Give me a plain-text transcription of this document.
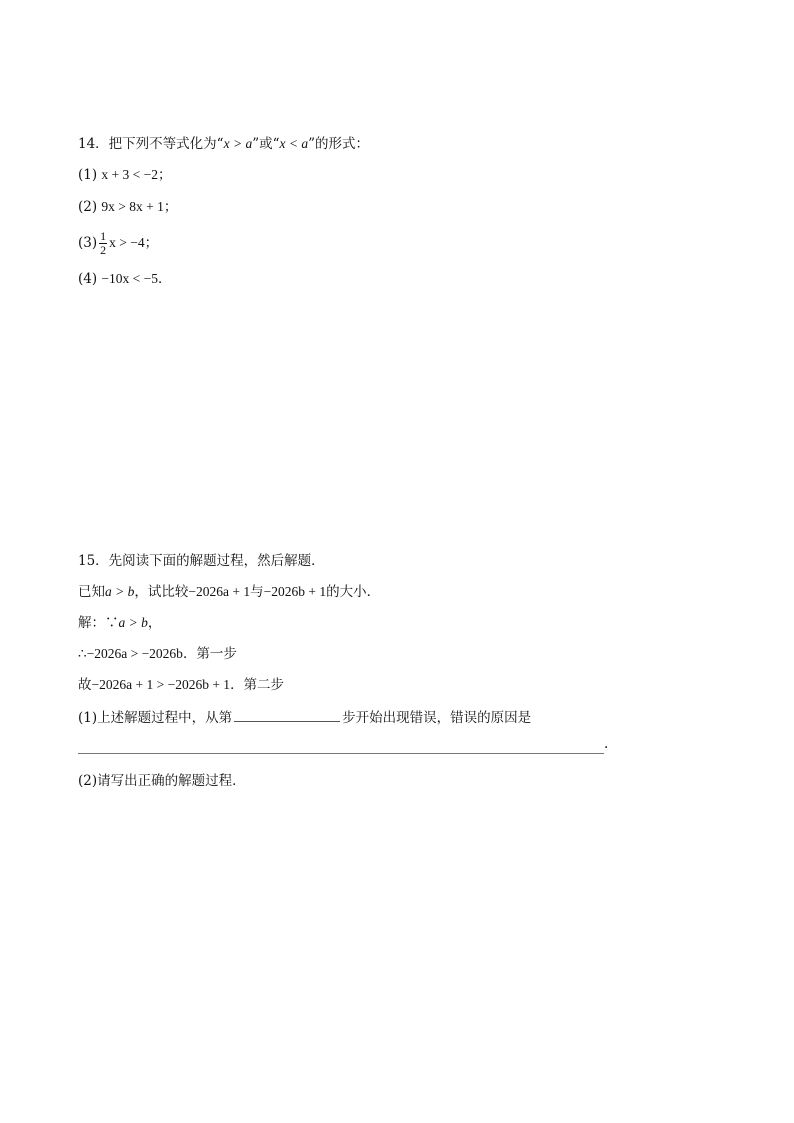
14．把下列不等式化为“x > a”或“x < a”的形式：
(1) x + 3 < −2；
(2) 9x > 8x + 1；
$(3) \frac{1}{2}$ x > −4；
(4) −10x < −5．
15．先阅读下面的解题过程，然后解题．
已知a > b，试比较−2026a + 1与−2026b + 1的大小．
解：∵a > b，
∴−2026a > −2026b．第一步
故−2026a + 1 > −2026b + 1．第二步
(1)上述解题过程中，从第	步开始出现错误，错误的原因是
.
(2)请写出正确的解题过程．
